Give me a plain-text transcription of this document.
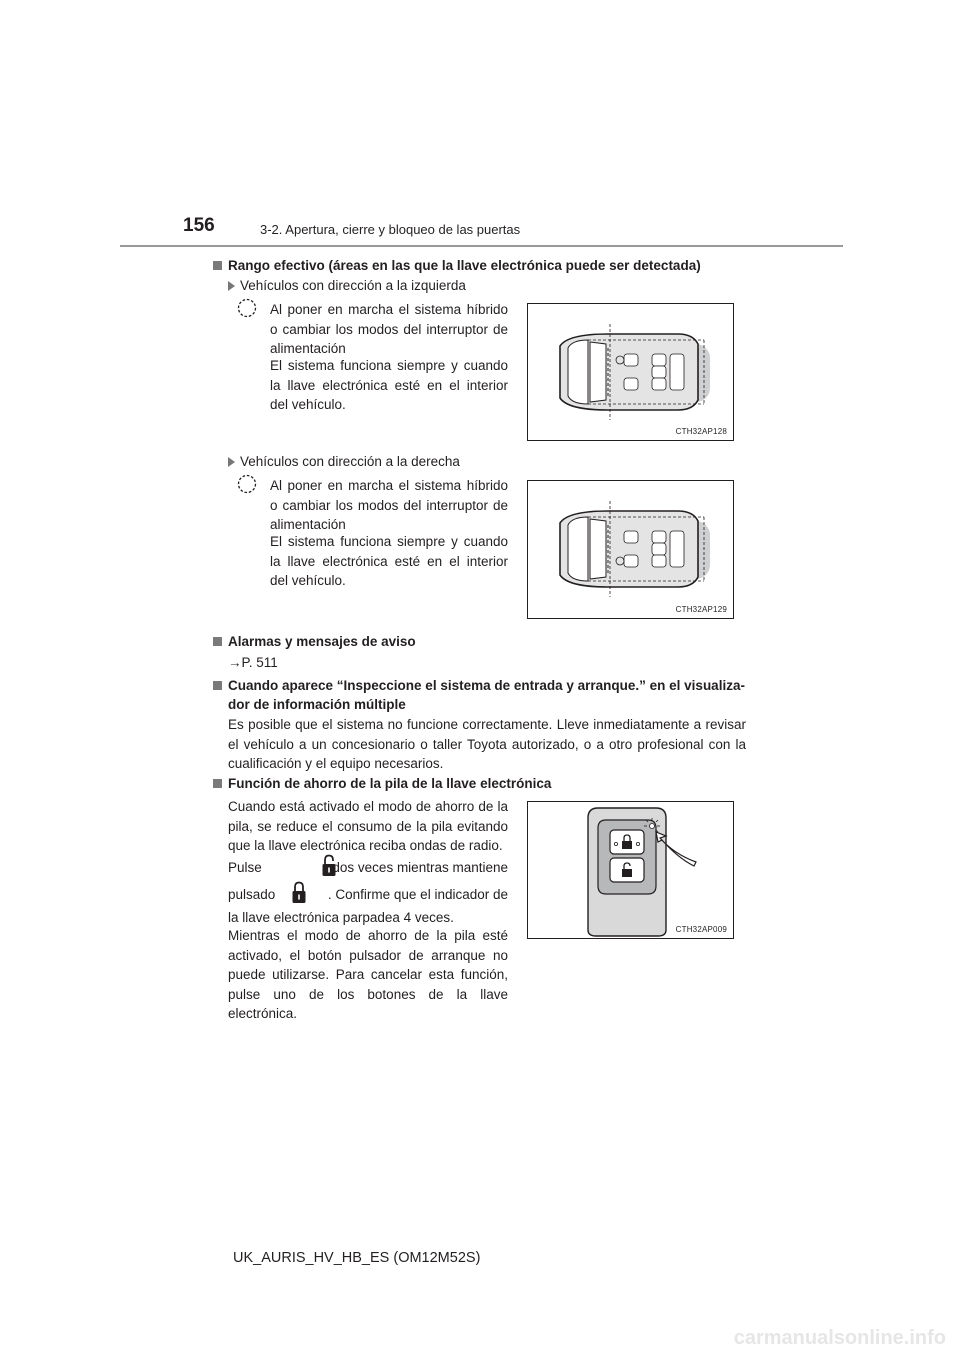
156	3-2. Apertura, cierre y bloqueo de las puertas
Rango efectivo (áreas en las que la llave electrónica puede ser detectada)
Vehículos con dirección a la izquierda
Al poner en marcha el sistema híbrido o cambiar los modos del interruptor de alimentación
El sistema funciona siempre y cuando la llave electrónica esté en el interior del vehículo.
CTH32AP128
Vehículos con dirección a la derecha
Al poner en marcha el sistema híbrido o cambiar los modos del interruptor de alimentación
El sistema funciona siempre y cuando la llave electrónica esté en el interior del vehículo.
CTH32AP129
Alarmas y mensajes de aviso
→P. 511
Cuando aparece “Inspeccione el sistema de entrada y arranque.” en el visualiza-
dor de información múltiple
Es posible que el sistema no funcione correctamente. Lleve inmediatamente a revisar el vehículo a un concesionario o taller Toyota autorizado, o a otro profesional con la cualificación y el equipo necesarios.
Función de ahorro de la pila de la llave electrónica
Cuando está activado el modo de ahorro de la pila, se reduce el consumo de la pila evitando que la llave electrónica reciba ondas de radio.
Pulse	dos veces mientras mantiene
pulsado	. Confirme que el indicador de
la llave electrónica parpadea 4 veces.
Mientras el modo de ahorro de la pila esté activado, el botón pulsador de arranque no puede utilizarse. Para cancelar esta función, pulse uno de los botones de la llave electrónica.
CTH32AP009
UK_AURIS_HV_HB_ES (OM12M52S)
carmanualsonline.info
